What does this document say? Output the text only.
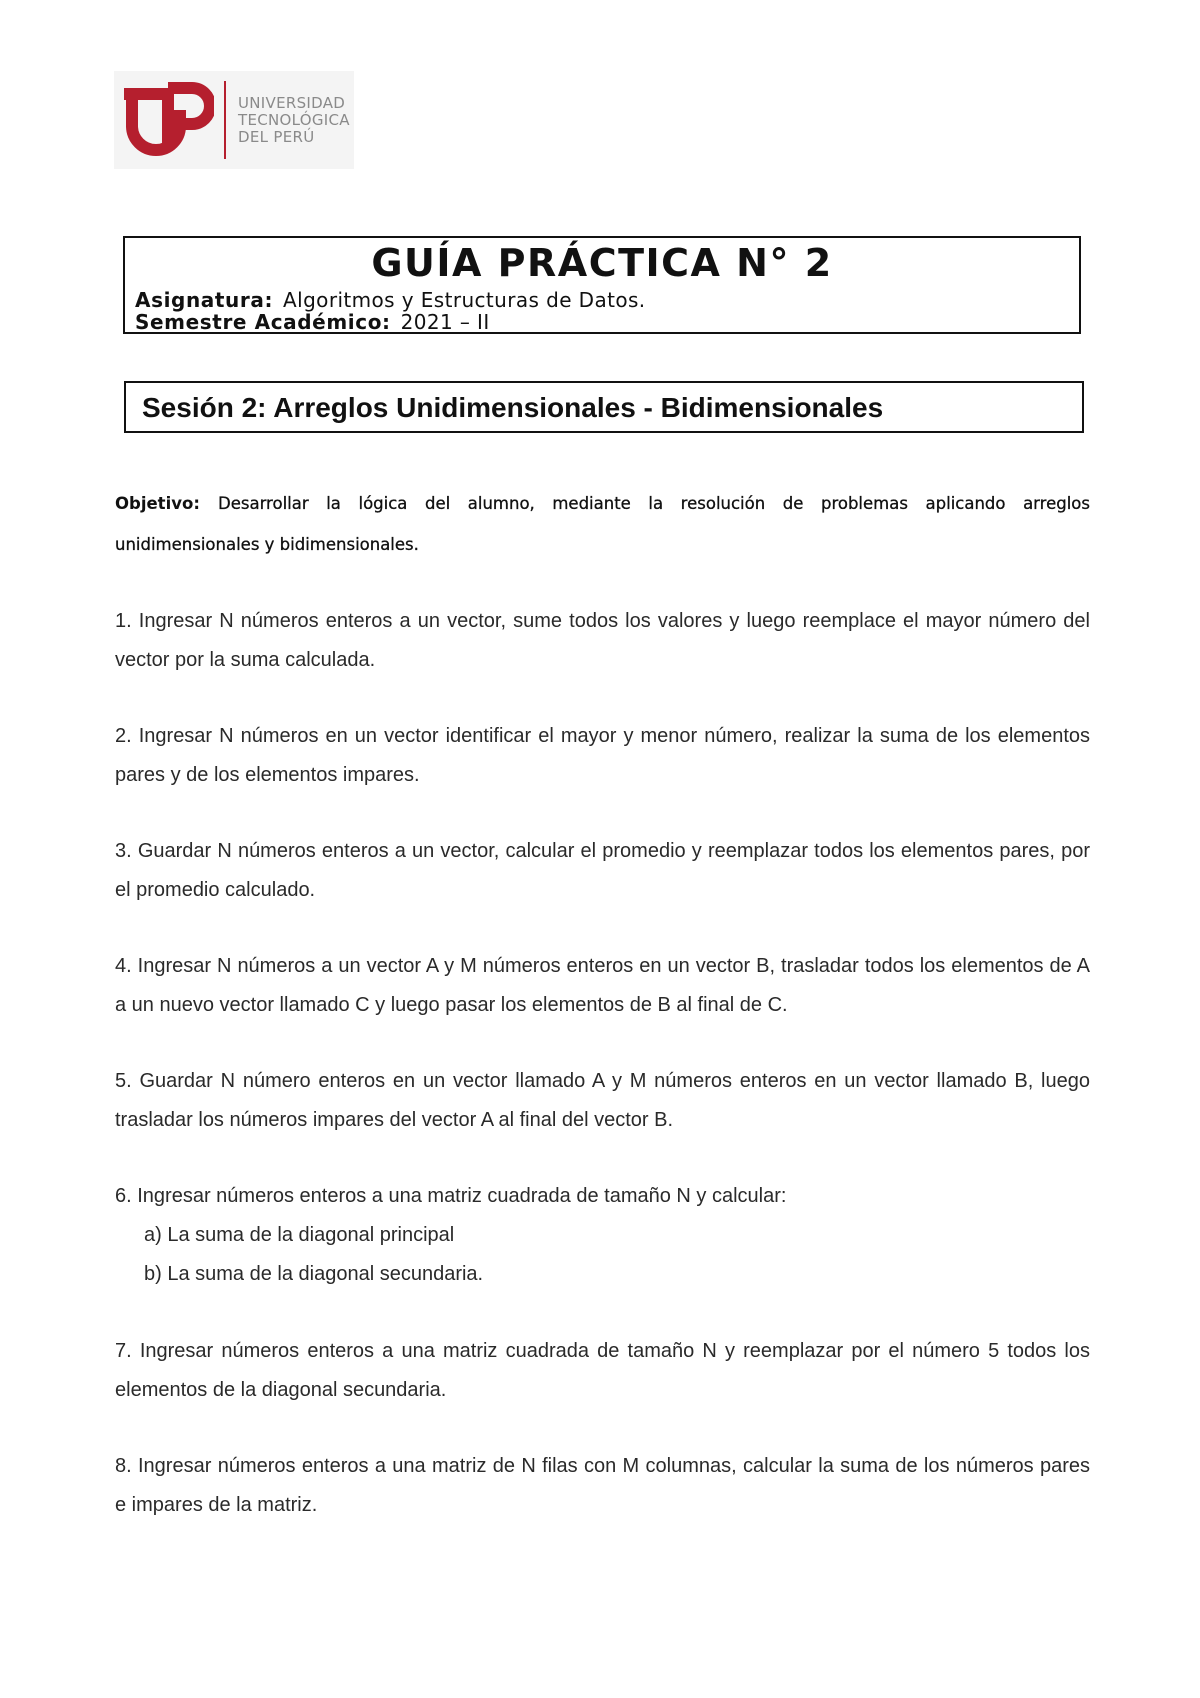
UNIVERSIDAD
TECNOLÓGICA
DEL PERÚ
GUÍA PRÁCTICA N° 2
Asignatura: Algoritmos y Estructuras de Datos.
Semestre Académico: 2021 – II
Sesión 2: Arreglos Unidimensionales - Bidimensionales
Objetivo: Desarrollar la lógica del alumno, mediante la resolución de problemas aplicando arreglos unidimensionales y bidimensionales.
1. Ingresar N números enteros a un vector, sume todos los valores y luego reemplace el mayor número del vector por la suma calculada.
2. Ingresar N números en un vector identificar el mayor y menor número, realizar la suma de los elementos pares y de los elementos impares.
3. Guardar N números enteros a un vector, calcular el promedio y reemplazar todos los elementos pares, por el promedio calculado.
4. Ingresar N números a un vector A y M números enteros en un vector B, trasladar todos los elementos de A a un nuevo vector llamado C y luego pasar los elementos de B al final de C.
5. Guardar N número enteros en un vector llamado A y M números enteros en un vector llamado B, luego trasladar los números impares del vector A al final del vector B.
6. Ingresar números enteros a una matriz cuadrada de tamaño N y calcular:
a) La suma de la diagonal principal
b) La suma de la diagonal secundaria.
7. Ingresar números enteros a una matriz cuadrada de tamaño N y reemplazar por el número 5 todos los elementos de la diagonal secundaria.
8. Ingresar números enteros a una matriz de N filas con M columnas, calcular la suma de los números pares e impares de la matriz.
